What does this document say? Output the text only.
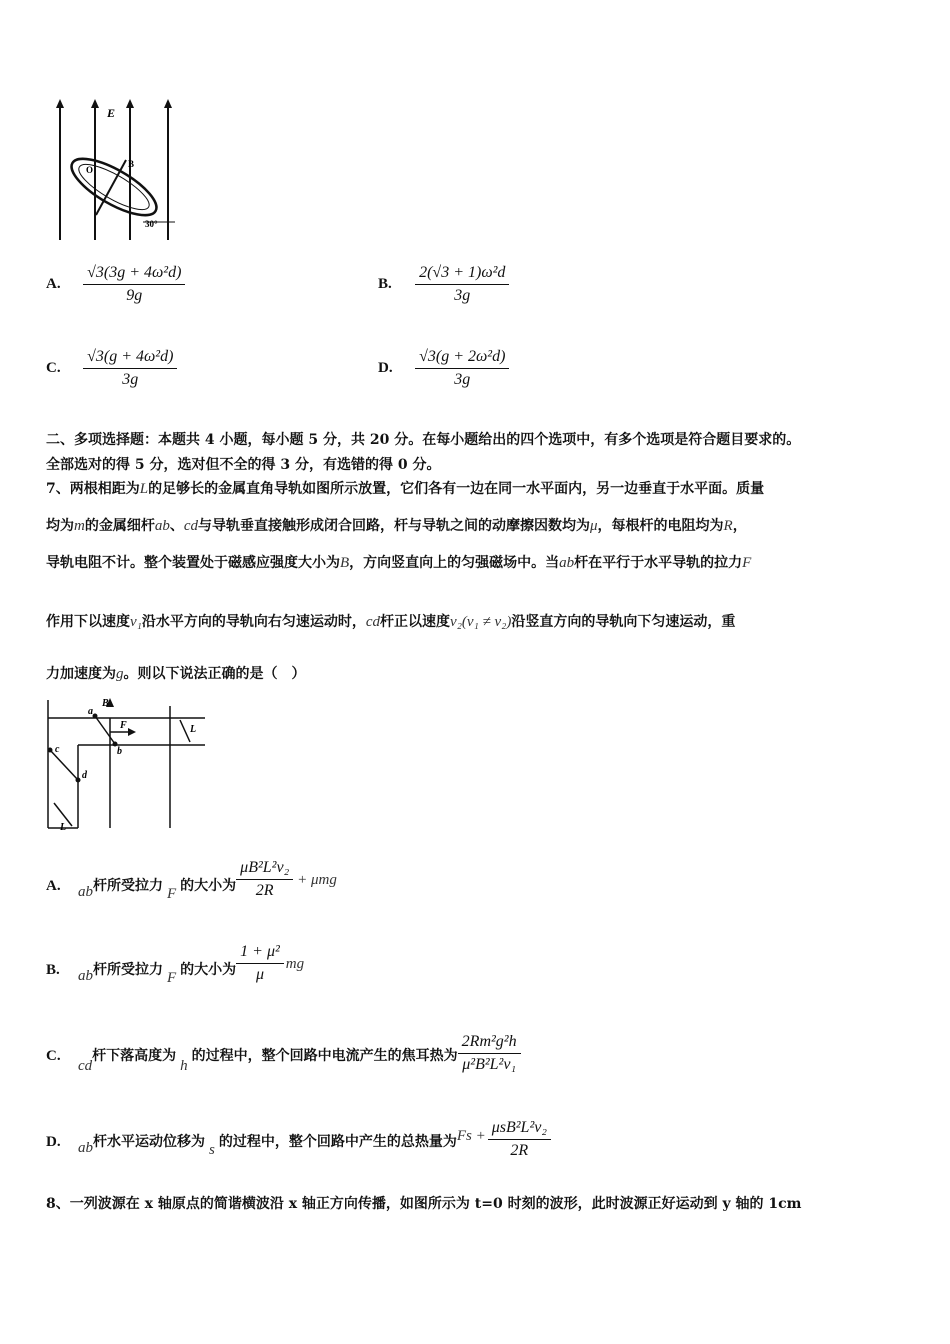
E
B
O
30°
A. $\frac{\text{√3(3g + 4ω²d)}}{9g}$	B. $\frac{\text{2(√3 + 1)ω²d}}{3g}$
C. $\frac{\text{√3(g + 4ω²d)}}{3g}$	D. $\frac{\text{√3(g + 2ω²d)}}{3g}$
二、多项选择题：本题共 4 小题，每小题 5 分，共 20 分。在每小题给出的四个选项中，有多个选项是符合题目要求的。
全部选对的得 5 分，选对但不全的得 3 分，有选错的得 0 分。
7、两根相距为L的足够长的金属直角导轨如图所示放置，它们各有一边在同一水平面内，另一边垂直于水平面。质量
均为m的金属细杆ab、cd与导轨垂直接触形成闭合回路，杆与导轨之间的动摩擦因数均为μ，每根杆的电阻均为R，
导轨电阻不计。整个装置处于磁感应强度大小为B，方向竖直向上的匀强磁场中。当ab杆在平行于水平导轨的拉力F
作用下以速度v₁沿水平方向的导轨向右匀速运动时，cd杆正以速度v₂(v₁ ≠ v₂)沿竖直方向的导轨向下匀速运动，重
力加速度为g。则以下说法正确的是（　）
a
b
c
d
B
F	L
L
A.	ab 杆所受拉力 F 的大小为 $\frac{\text{μB²L²v₂}}{2R} + \mu mg$
B.	ab 杆所受拉力 F 的大小为 $\frac{\text{1 + μ²}}{\mu}$ mg
C.
cd
杆下落高度为
h
的过程中，整个回路中电流产生的焦耳热为 $\frac{\text{2Rm²g²h}}{\text{μ²B²L²v₁}}$
D.	ab 杆水平运动位移为 s 的过程中，整个回路中产生的总热量为 $Fs + \frac{\text{μsB²L²v₂}}{2R}$
8、一列波源在 x 轴原点的简谐横波沿 x 轴正方向传播，如图所示为 t=0 时刻的波形，此时波源正好运动到 y 轴的 1cm
